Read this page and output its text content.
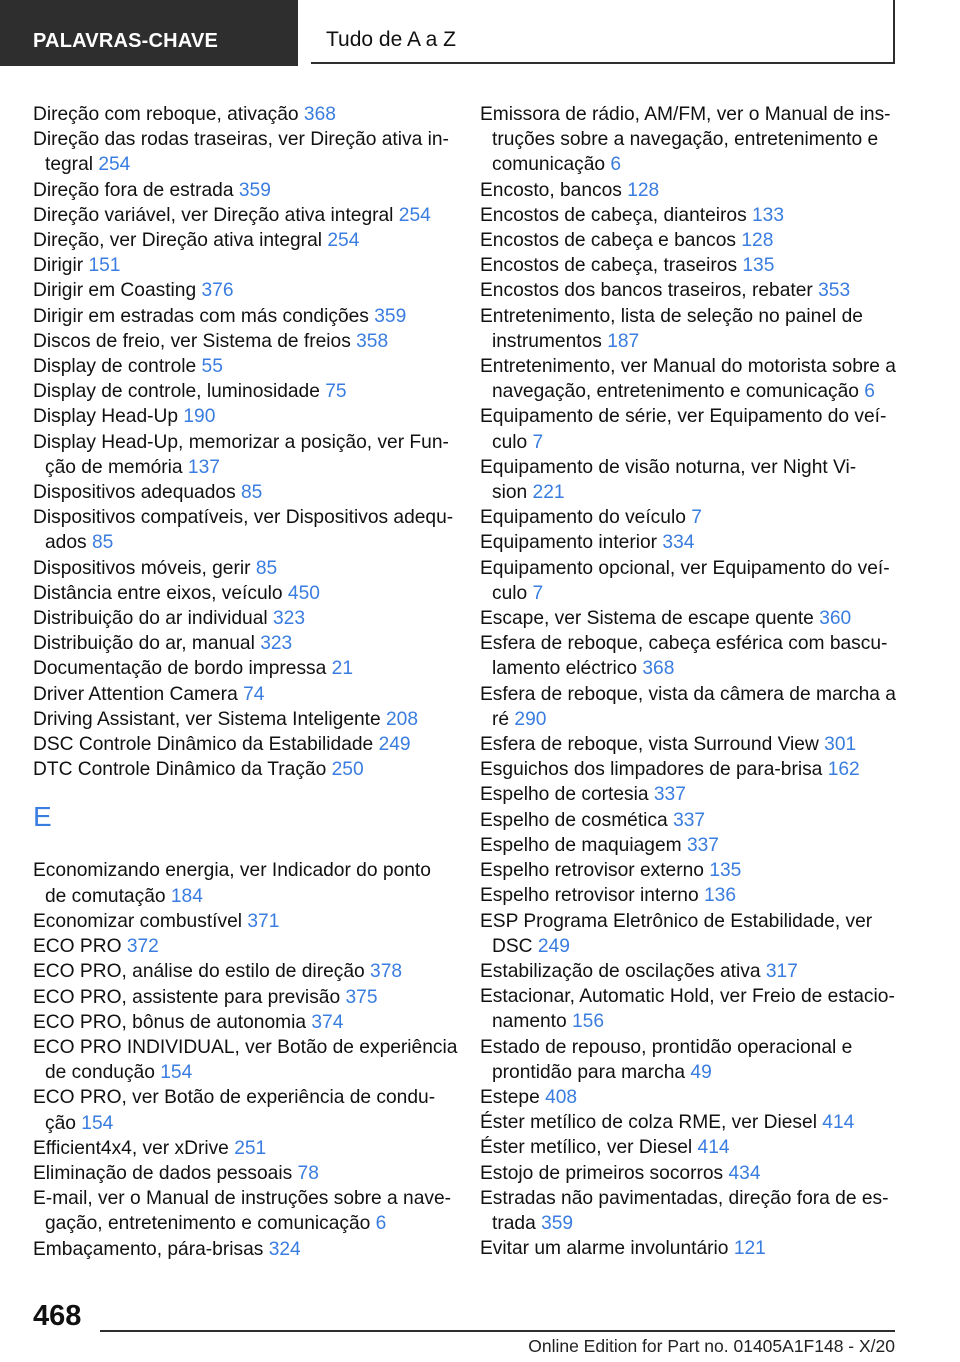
PALAVRAS-CHAVE	Tudo de A a Z
Direção com reboque, ativação 368
Direção das rodas traseiras, ver Direção ativa in‐
tegral 254
Direção fora de estrada 359
Direção variável, ver Direção ativa integral 254
Direção, ver Direção ativa integral 254
Dirigir 151
Dirigir em Coasting 376
Dirigir em estradas com más condições 359
Discos de freio, ver Sistema de freios 358
Display de controle 55
Display de controle, luminosidade 75
Display Head-Up 190
Display Head-Up, memorizar a posição, ver Fun‐
ção de memória 137
Dispositivos adequados 85
Dispositivos compatíveis, ver Dispositivos adequ‐
ados 85
Dispositivos móveis, gerir 85
Distância entre eixos, veículo 450
Distribuição do ar individual 323
Distribuição do ar, manual 323
Documentação de bordo impressa 21
Driver Attention Camera 74
Driving Assistant, ver Sistema Inteligente 208
DSC Controle Dinâmico da Estabilidade 249
DTC Controle Dinâmico da Tração 250
E
Economizando energia, ver Indicador do ponto
de comutação 184
Economizar combustível 371
ECO PRO 372
ECO PRO, análise do estilo de direção 378
ECO PRO, assistente para previsão 375
ECO PRO, bônus de autonomia 374
ECO PRO INDIVIDUAL, ver Botão de experiência
de condução 154
ECO PRO, ver Botão de experiência de condu‐
ção 154
Efficient4x4, ver xDrive 251
Eliminação de dados pessoais 78
E-mail, ver o Manual de instruções sobre a nave‐
gação, entretenimento e comunicação 6
Embaçamento, pára-brisas 324
Emissora de rádio, AM/FM, ver o Manual de ins‐
truções sobre a navegação, entretenimento e
comunicação 6
Encosto, bancos 128
Encostos de cabeça, dianteiros 133
Encostos de cabeça e bancos 128
Encostos de cabeça, traseiros 135
Encostos dos bancos traseiros, rebater 353
Entretenimento, lista de seleção no painel de
instrumentos 187
Entretenimento, ver Manual do motorista sobre a
navegação, entretenimento e comunicação 6
Equipamento de série, ver Equipamento do veí‐
culo 7
Equipamento de visão noturna, ver Night Vi‐
sion 221
Equipamento do veículo 7
Equipamento interior 334
Equipamento opcional, ver Equipamento do veí‐
culo 7
Escape, ver Sistema de escape quente 360
Esfera de reboque, cabeça esférica com bascu‐
lamento eléctrico 368
Esfera de reboque, vista da câmera de marcha a
ré 290
Esfera de reboque, vista Surround View 301
Esguichos dos limpadores de para-brisa 162
Espelho de cortesia 337
Espelho de cosmética 337
Espelho de maquiagem 337
Espelho retrovisor externo 135
Espelho retrovisor interno 136
ESP Programa Eletrônico de Estabilidade, ver
DSC 249
Estabilização de oscilações ativa 317
Estacionar, Automatic Hold, ver Freio de estacio‐
namento 156
Estado de repouso, prontidão operacional e
prontidão para marcha 49
Estepe 408
Éster metílico de colza RME, ver Diesel 414
Éster metílico, ver Diesel 414
Estojo de primeiros socorros 434
Estradas não pavimentadas, direção fora de es‐
trada 359
Evitar um alarme involuntário 121
468
Online Edition for Part no. 01405A1F148 - X/20
